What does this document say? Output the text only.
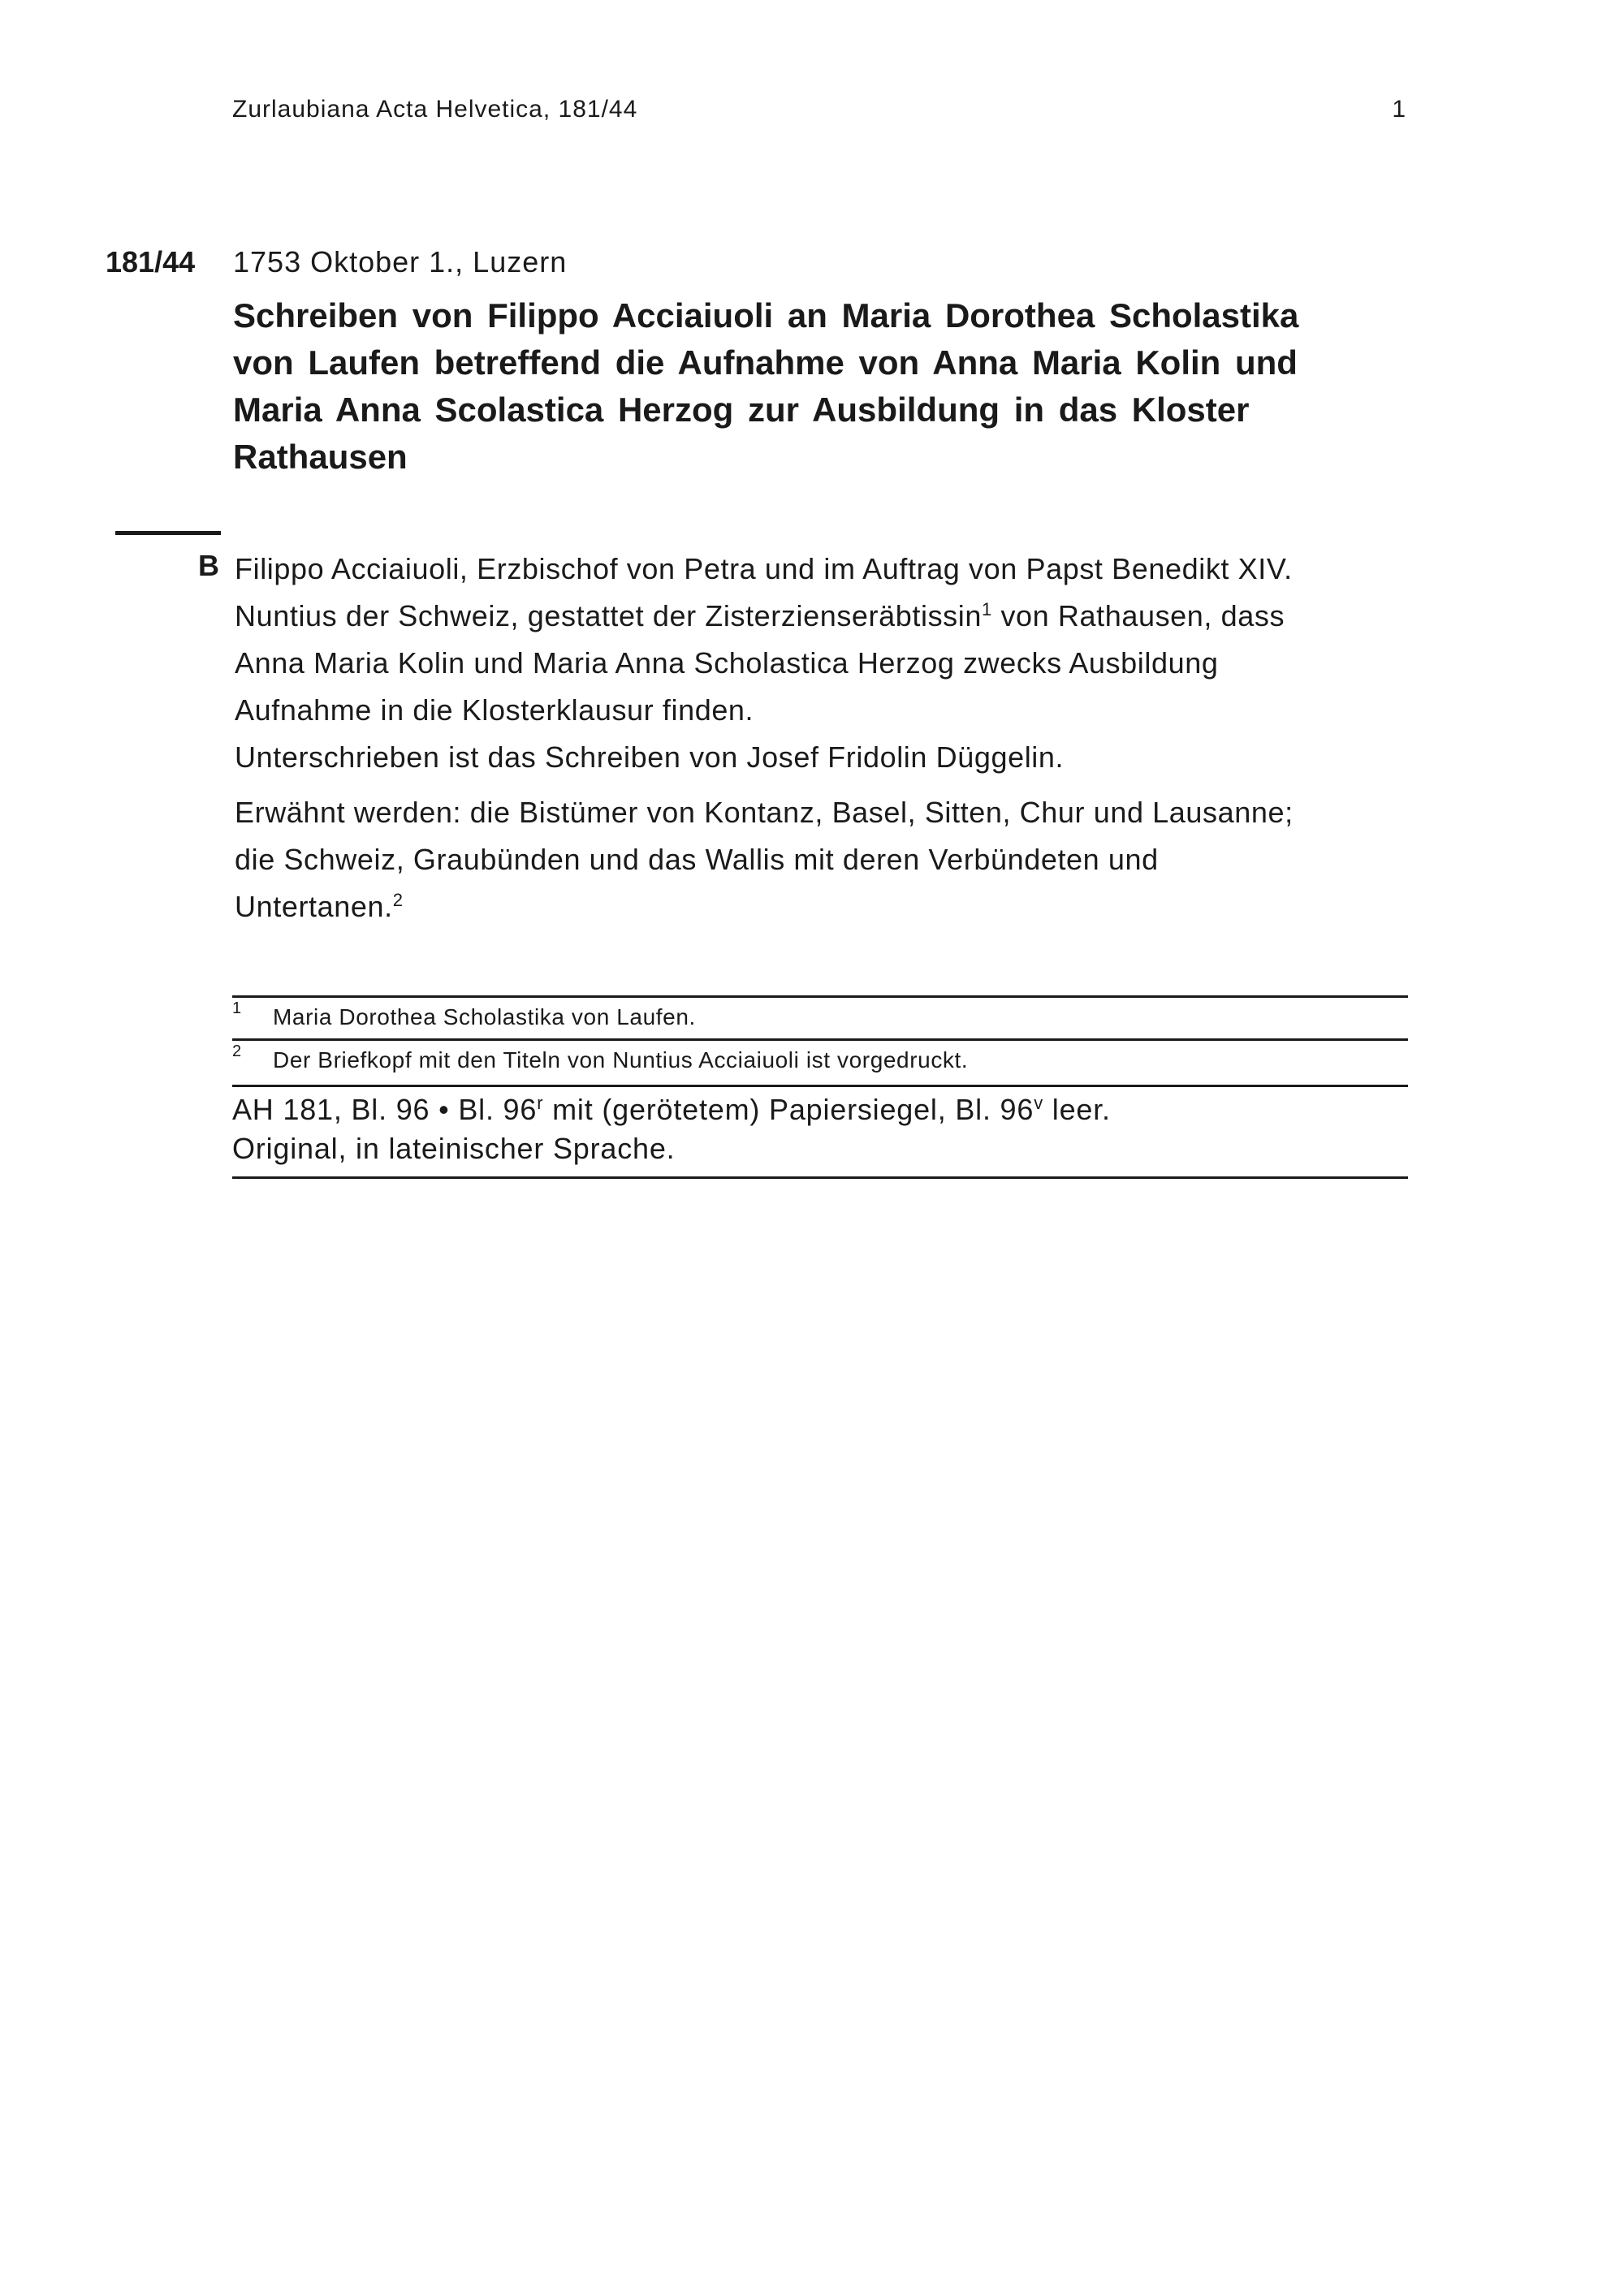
Zurlaubiana Acta Helvetica, 181/44	1
181/44 1753 Oktober 1., Luzern
Schreiben von Filippo Acciaiuoli an Maria Dorothea Scholastika
von Laufen betreffend die Aufnahme von Anna Maria Kolin und
Maria Anna Scolastica Herzog zur Ausbildung in das Kloster
Rathausen
B Filippo Acciaiuoli, Erzbischof von Petra und im Auftrag von Papst Benedikt XIV.
Nuntius der Schweiz, gestattet der Zisterzienseräbtissin$^1$ von Rathausen, dass
Anna Maria Kolin und Maria Anna Scholastica Herzog zwecks Ausbildung
Aufnahme in die Klosterklausur finden.
Unterschrieben ist das Schreiben von Josef Fridolin Düggelin.
Erwähnt werden: die Bistümer von Kontanz, Basel, Sitten, Chur und Lausanne;
die Schweiz, Graubünden und das Wallis mit deren Verbündeten und
Untertanen.$^2$
1 Maria Dorothea Scholastika von Laufen.
2 Der Briefkopf mit den Titeln von Nuntius Acciaiuoli ist vorgedruckt.
AH 181, Bl. 96 • Bl. 96$^r$ mit (gerötetem) Papiersiegel, Bl. 96$^v$ leer.
Original, in lateinischer Sprache.
